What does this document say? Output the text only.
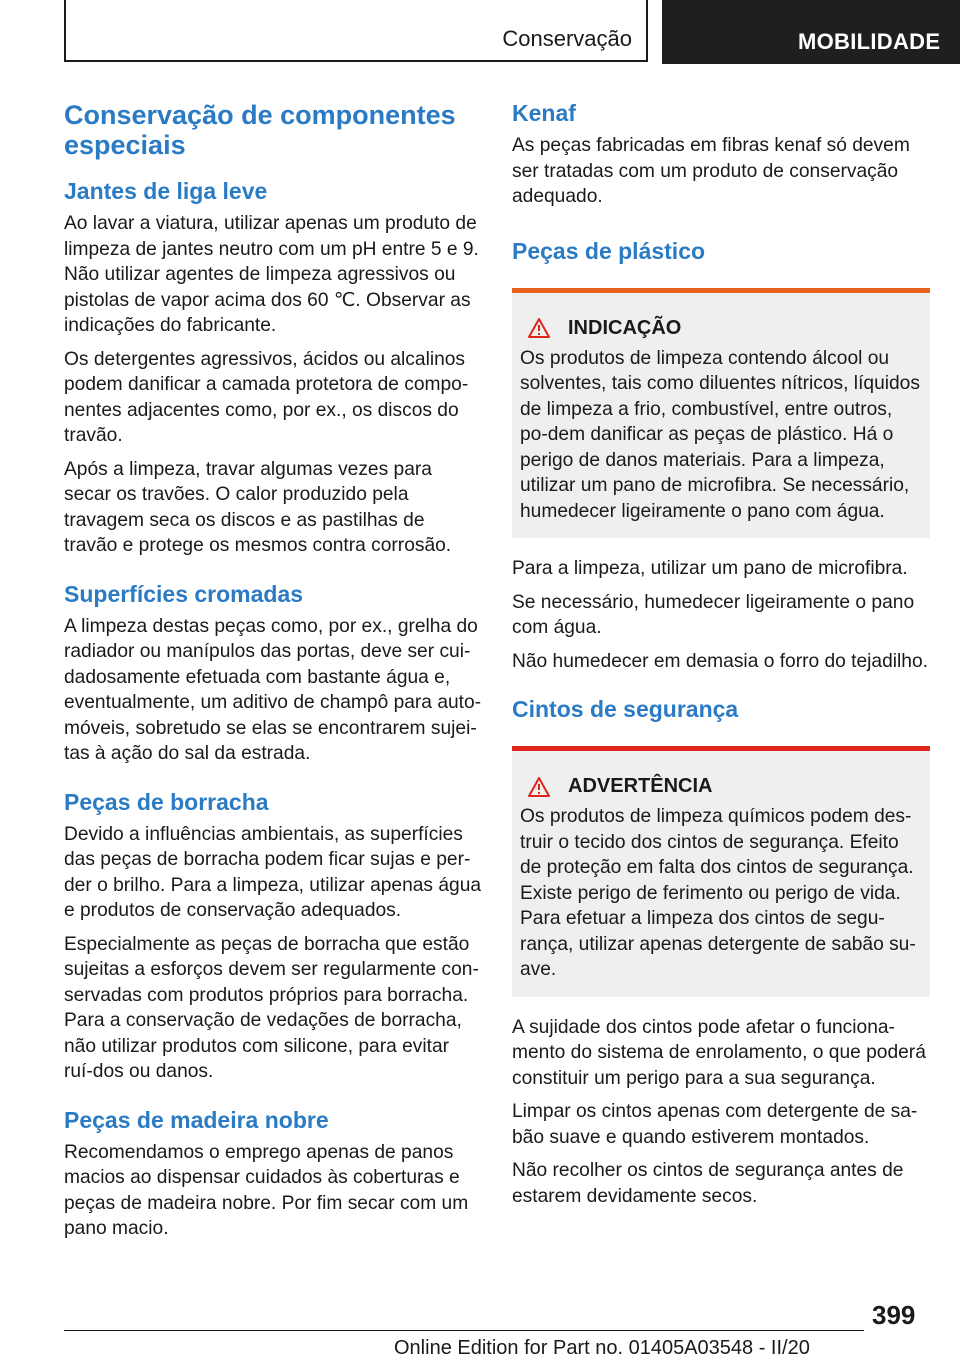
Conservação	MOBILIDADE
Conservação de componentes especiais
Jantes de liga leve

Ao lavar a viatura, utilizar apenas um produto de limpeza de jantes neutro com um pH entre 5 e 9. Não utilizar agentes de limpeza agressivos ou pistolas de vapor acima dos 60 ℃. Observar as indicações do fabricante.

Os detergentes agressivos, ácidos ou alcalinos podem danificar a camada protetora de compo‐nentes adjacentes como, por ex., os discos do travão.

Após a limpeza, travar algumas vezes para secar os travões. O calor produzido pela travagem seca os discos e as pastilhas de travão e protege os mesmos contra corrosão.

Superfícies cromadas

A limpeza destas peças como, por ex., grelha do radiador ou manípulos das portas, deve ser cui‐dadosamente efetuada com bastante água e, eventualmente, um aditivo de champô para auto‐móveis, sobretudo se elas se encontrarem sujei‐tas à ação do sal da estrada.

Peças de borracha

Devido a influências ambientais, as superfícies das peças de borracha podem ficar sujas e per‐der o brilho. Para a limpeza, utilizar apenas água e produtos de conservação adequados.

Especialmente as peças de borracha que estão sujeitas a esforços devem ser regularmente con‐servadas com produtos próprios para borracha. Para a conservação de vedações de borracha, não utilizar produtos com silicone, para evitar ruí‐dos ou danos.

Peças de madeira nobre

Recomendamos o emprego apenas de panos macios ao dispensar cuidados às coberturas e peças de madeira nobre. Por fim secar com um pano macio.

Kenaf

As peças fabricadas em fibras kenaf só devem ser tratadas com um produto de conservação adequado.

Peças de plástico
INDICAÇÃO

Os produtos de limpeza contendo álcool ou solventes, tais como diluentes nítricos, líquidos de limpeza a frio, combustível, entre outros, po‐dem danificar as peças de plástico. Há o perigo de danos materiais. Para a limpeza, utilizar um pano de microfibra. Se necessário, humedecer ligeiramente o pano com água.

Para a limpeza, utilizar um pano de microfibra.

Se necessário, humedecer ligeiramente o pano com água.

Não humedecer em demasia o forro do tejadilho.

Cintos de segurança
ADVERTÊNCIA

Os produtos de limpeza químicos podem des‐truir o tecido dos cintos de segurança. Efeito de proteção em falta dos cintos de segurança. Existe perigo de ferimento ou perigo de vida. Para efetuar a limpeza dos cintos de segu‐rança, utilizar apenas detergente de sabão su‐ave.

A sujidade dos cintos pode afetar o funciona‐mento do sistema de enrolamento, o que poderá constituir um perigo para a sua segurança.

Limpar os cintos apenas com detergente de sa‐bão suave e quando estiverem montados.

Não recolher os cintos de segurança antes de estarem devidamente secos.

399
Online Edition for Part no. 01405A03548 - II/20
